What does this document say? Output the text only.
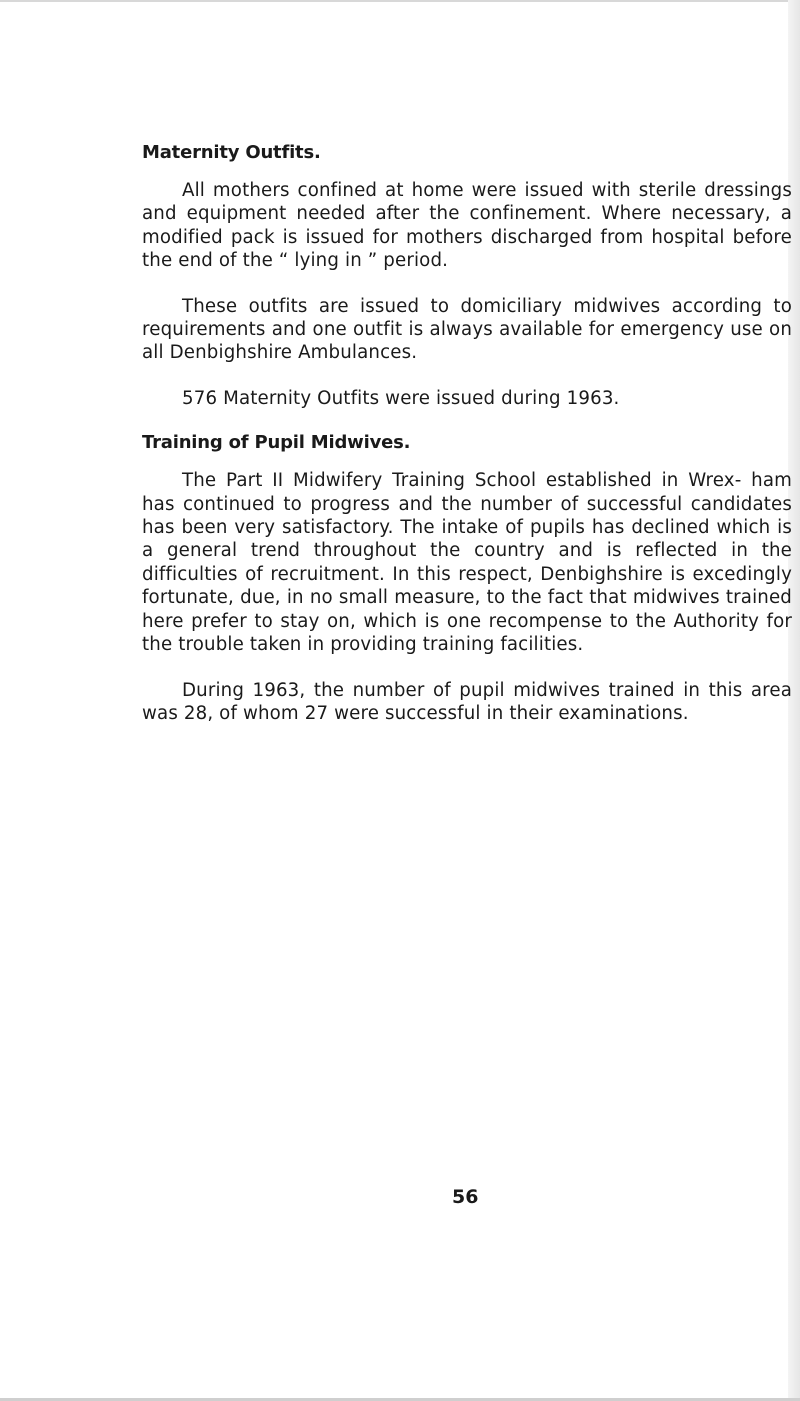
Maternity Outfits.

All mothers confined at home were issued with sterile dressings and equipment needed after the confinement. Where necessary, a modified pack is issued for mothers discharged from hospital before the end of the “ lying in ” period.

These outfits are issued to domiciliary midwives according to requirements and one outfit is always available for emergency use on all Denbighshire Ambulances.

576 Maternity Outfits were issued during 1963.

Training of Pupil Midwives.

The Part II Midwifery Training School established in Wrex- ham has continued to progress and the number of successful candidates has been very satisfactory. The intake of pupils has declined which is a general trend throughout the country and is reflected in the difficulties of recruitment. In this respect, Denbighshire is excedingly fortunate, due, in no small measure, to the fact that midwives trained here prefer to stay on, which is one recompense to the Authority for the trouble taken in providing training facilities.

During 1963, the number of pupil midwives trained in this area was 28, of whom 27 were successful in their examinations.

56
